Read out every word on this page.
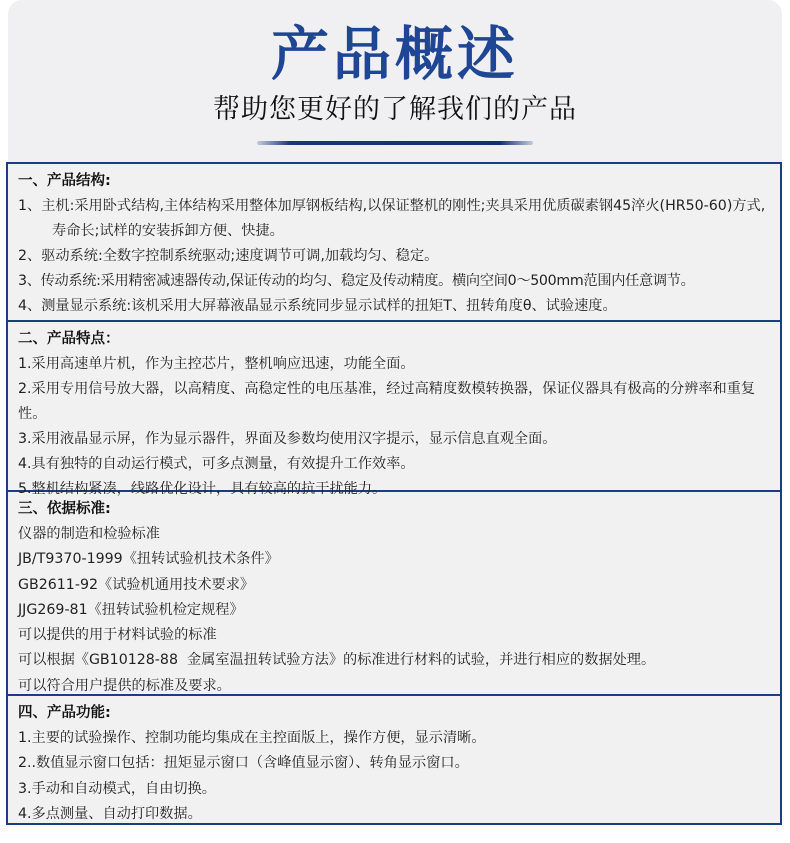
产品概述
帮助您更好的了解我们的产品
一、产品结构:

1、主机:采用卧式结构,主体结构采用整体加厚钢板结构,以保证整机的刚性;夹具采用优质碳素钢45淬火(HR50-60)方式,寿命长;试样的安装拆卸方便、快捷。

2、驱动系统:全数字控制系统驱动;速度调节可调,加载均匀、稳定。

3、传动系统:采用精密减速器传动,保证传动的均匀、稳定及传动精度。横向空间0～500mm范围内任意调节。

4、测量显示系统:该机采用大屏幕液晶显示系统同步显示试样的扭矩T、扭转角度θ、试验速度。

二、产品特点：

1.采用高速单片机，作为主控芯片，整机响应迅速，功能全面。

2.采用专用信号放大器，以高精度、高稳定性的电压基准，经过高精度数模转换器，保证仪器具有极高的分辨率和重复性。

3.采用液晶显示屏，作为显示器件，界面及参数均使用汉字提示，显示信息直观全面。

4.具有独特的自动运行模式，可多点测量，有效提升工作效率。

5.整机结构紧凑，线路优化设计，具有较高的抗干扰能力。

三、依据标准:

仪器的制造和检验标准

JB/T9370-1999《扭转试验机技术条件》

GB2611-92《试验机通用技术要求》

JJG269-81《扭转试验机检定规程》

可以提供的用于材料试验的标准

可以根据《GB10128-88  金属室温扭转试验方法》的标准进行材料的试验，并进行相应的数据处理。

可以符合用户提供的标准及要求。

四、产品功能:

1.主要的试验操作、控制功能均集成在主控面版上，操作方便，显示清晰。

2..数值显示窗口包括：扭矩显示窗口（含峰值显示窗）、转角显示窗口。

3.手动和自动模式，自由切换。

4.多点测量、自动打印数据。
